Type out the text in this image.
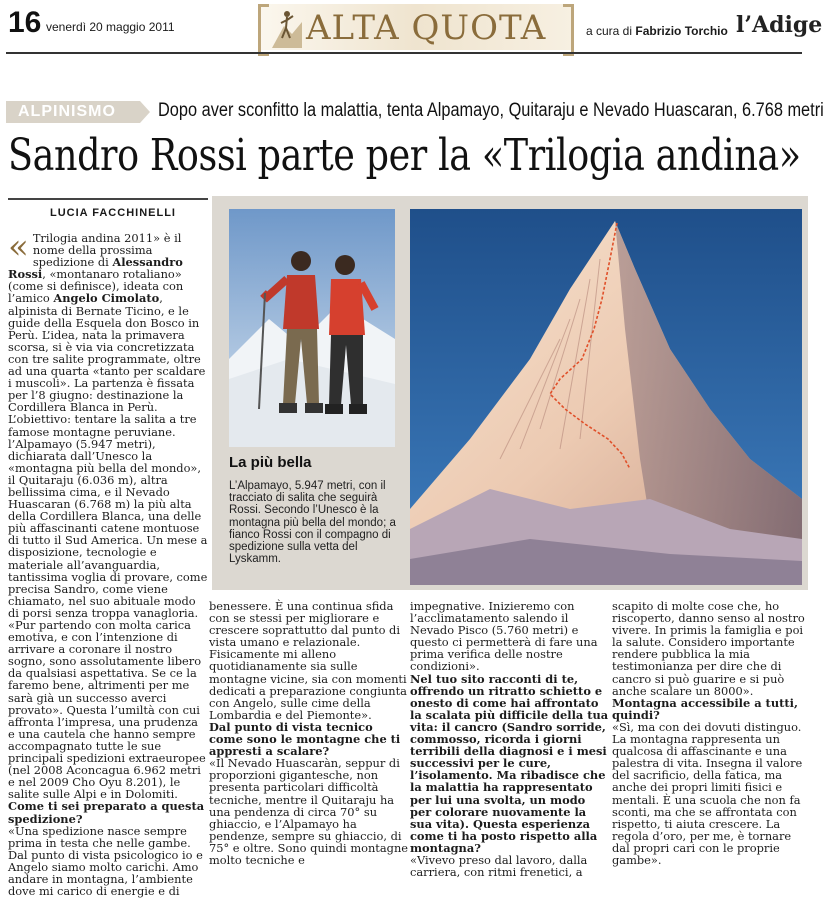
16 venerdì 20 maggio 2011	ALTA QUOTA	a cura di Fabrizio Torchio l’Adige
ALPINISMO	Dopo aver sconfitto la malattia, tenta Alpamayo, Quitaraju e Nevado Huascaran, 6.768 metri
Sandro Rossi parte per la «Trilogia andina»
LUCIA FACCHINELLI
« Trilogia andina 2011» è il nome della prossima spedizione di Alessandro Rossi, «montanaro rotaliano» (come si definisce), ideata con l’amico Angelo Cimolato, alpinista di Bernate Ticino, e le guide della Esquela don Bosco in Perù. L’idea, nata la primavera scorsa, si è via via concretizzata con tre salite programmate, oltre ad una quarta «tanto per scaldare i muscoli». La partenza è fissata per l’8 giugno: destinazione la Cordillera Blanca in Perù. L’obiettivo: tentare la salita a tre famose montagne peruviane. l’Alpamayo (5.947 metri), dichiarata dall’Unesco la «montagna più bella del mondo», il Quitaraju (6.036 m), altra bellissima cima, e il Nevado Huascaran (6.768 m) la più alta della Cordillera Blanca, una delle più affascinanti catene montuose di tutto il Sud America. Un mese a disposizione, tecnologie e materiale all’avanguardia, tantissima voglia di provare, come precisa Sandro, come viene chiamato, nel suo abituale modo di porsi senza troppa vanagloria. «Pur partendo con molta carica emotiva, e con l’intenzione di arrivare a coronare il nostro sogno, sono assolutamente libero da qualsiasi aspettativa. Se ce la faremo bene, altrimenti per me sarà già un successo averci provato». Questa l’umiltà con cui affronta l’impresa, una prudenza e una cautela che hanno sempre accompagnato tutte le sue principali spedizioni extraeuropee (nel 2008 Aconcagua 6.962 metri e nel 2009 Cho Oyu 8.201), le salite sulle Alpi e in Dolomiti.

Come ti sei preparato a questa spedizione?

«Una spedizione nasce sempre prima in testa che nelle gambe. Dal punto di vista psicologico io e Angelo siamo molto carichi. Amo andare in montagna, l’ambiente dove mi carico di energie e di

La più bella
L’Alpamayo, 5.947 metri, con il tracciato di salita che seguirà Rossi. Secondo l’Unesco è la montagna più bella del mondo; a fianco Rossi con il compagno di spedizione sulla vetta del Lyskamm.

benessere. È una continua sfida con se stessi per migliorare e crescere soprattutto dal punto di vista umano e relazionale. Fisicamente mi alleno quotidianamente sia sulle montagne vicine, sia con momenti dedicati a preparazione congiunta con Angelo, sulle cime della Lombardia e del Piemonte».

Dal punto di vista tecnico come sono le montagne che ti appresti a scalare?

«Il Nevado Huascaràn, seppur di proporzioni gigantesche, non presenta particolari difficoltà tecniche, mentre il Quitaraju ha una pendenza di circa 70° su ghiaccio, e l’Alpamayo ha pendenze, sempre su ghiaccio, di 75° e oltre. Sono quindi montagne molto tecniche e

impegnative. Inizieremo con l’acclimatamento salendo il Nevado Pisco (5.760 metri) e questo ci permetterà di fare una prima verifica delle nostre condizioni».

Nel tuo sito racconti di te, offrendo un ritratto schietto e onesto di come hai affrontato la scalata più difficile della tua vita: il cancro (Sandro sorride, commosso, ricorda i giorni terribili della diagnosi e i mesi successivi per le cure, l’isolamento. Ma ribadisce che la malattia ha rappresentato per lui una svolta, un modo per colorare nuovamente la sua vita). Questa esperienza come ti ha posto rispetto alla montagna?

«Vivevo preso dal lavoro, dalla carriera, con ritmi frenetici, a

scapito di molte cose che, ho riscoperto, danno senso al nostro vivere. In primis la famiglia e poi la salute. Considero importante rendere pubblica la mia testimonianza per dire che di cancro si può guarire e si può anche scalare un 8000».

Montagna accessibile a tutti, quindi?

«Sì, ma con dei dovuti distinguo. La montagna rappresenta un qualcosa di affascinante e una palestra di vita. Insegna il valore del sacrificio, della fatica, ma anche dei propri limiti fisici e mentali. È una scuola che non fa sconti, ma che se affrontata con rispetto, ti aiuta crescere. La regola d’oro, per me, è tornare dal propri cari con le proprie gambe».
